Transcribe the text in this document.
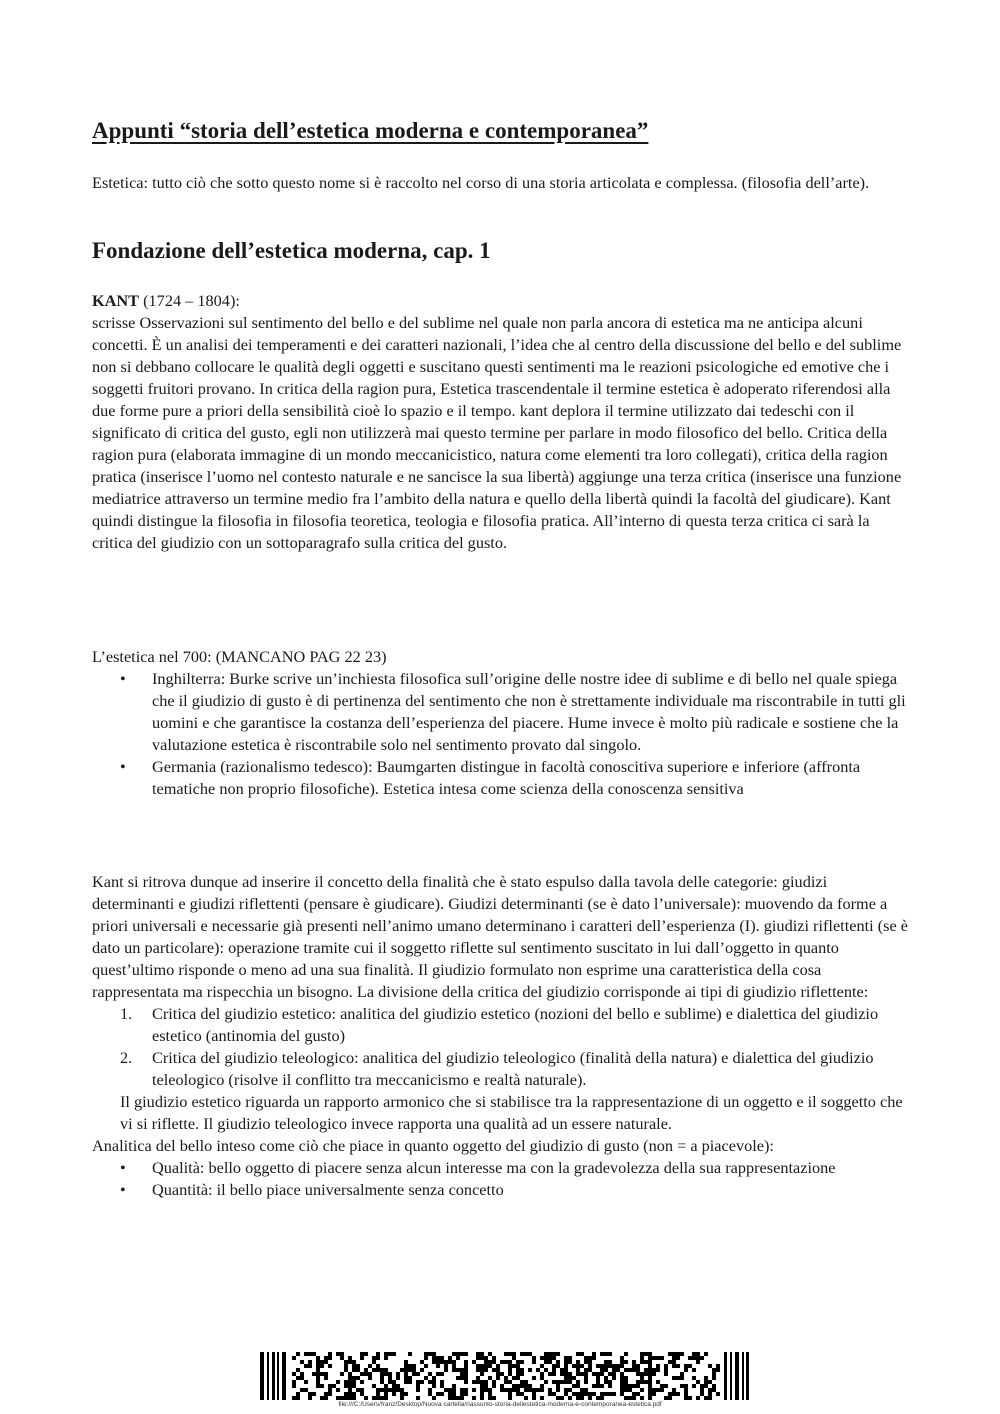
Appunti “storia dell’estetica moderna e contemporanea”

Estetica: tutto ciò che sotto questo nome si è raccolto nel corso di una storia articolata e complessa. (filosofia dell’arte).

Fondazione dell’estetica moderna, cap. 1

KANT (1724 – 1804):

scrisse Osservazioni sul sentimento del bello e del sublime nel quale non parla ancora di estetica ma ne anticipa alcuni concetti. È un analisi dei temperamenti e dei caratteri nazionali, l’idea che al centro della discussione del bello e del sublime non si debbano collocare le qualità degli oggetti e suscitano questi sentimenti ma le reazioni psicologiche ed emotive che i soggetti fruitori provano. In critica della ragion pura, Estetica trascendentale il termine estetica è adoperato riferendosi alla due forme pure a priori della sensibilità cioè lo spazio e il tempo. kant deplora il termine utilizzato dai tedeschi con il significato di critica del gusto, egli non utilizzerà mai questo termine per parlare in modo filosofico del bello. Critica della ragion pura (elaborata immagine di un mondo meccanicistico, natura come elementi tra loro collegati), critica della ragion pratica (inserisce l’uomo nel contesto naturale e ne sancisce la sua libertà) aggiunge una terza critica (inserisce una funzione mediatrice attraverso un termine medio fra l’ambito della natura e quello della libertà quindi la facoltà del giudicare). Kant quindi distingue la filosofia in filosofia teoretica, teologia e filosofia pratica. All’interno di questa terza critica ci sarà la critica del giudizio con un sottoparagrafo sulla critica del gusto.

L’estetica nel 700: (MANCANO PAG 22 23)
• Inghilterra: Burke scrive un’inchiesta filosofica sull’origine delle nostre idee di sublime e di bello nel quale spiega che il giudizio di gusto è di pertinenza del sentimento che non è strettamente individuale ma riscontrabile in tutti gli uomini e che garantisce la costanza dell’esperienza del piacere. Hume invece è molto più radicale e sostiene che la valutazione estetica è riscontrabile solo nel sentimento provato dal singolo.
• Germania (razionalismo tedesco): Baumgarten distingue in facoltà conoscitiva superiore e inferiore (affronta tematiche non proprio filosofiche). Estetica intesa come scienza della conoscenza sensitiva
Kant si ritrova dunque ad inserire il concetto della finalità che è stato espulso dalla tavola delle categorie: giudizi determinanti e giudizi riflettenti (pensare è giudicare). Giudizi determinanti (se è dato l’universale): muovendo da forme a priori universali e necessarie già presenti nell’animo umano determinano i caratteri dell’esperienza (I). giudizi riflettenti (se è dato un particolare): operazione tramite cui il soggetto riflette sul sentimento suscitato in lui dall’oggetto in quanto quest’ultimo risponde o meno ad una sua finalità. Il giudizio formulato non esprime una caratteristica della cosa rappresentata ma rispecchia un bisogno. La divisione della critica del giudizio corrisponde ai tipi di giudizio riflettente:
1. Critica del giudizio estetico: analitica del giudizio estetico (nozioni del bello e sublime) e dialettica del giudizio estetico (antinomia del gusto)
2. Critica del giudizio teleologico: analitica del giudizio teleologico (finalità della natura) e dialettica del giudizio teleologico (risolve il conflitto tra meccanicismo e realtà naturale).
Il giudizio estetico riguarda un rapporto armonico che si stabilisce tra la rappresentazione di un oggetto e il soggetto che vi si riflette. Il giudizio teleologico invece rapporta una qualità ad un essere naturale.
Analitica del bello inteso come ciò che piace in quanto oggetto del giudizio di gusto (non = a piacevole):
• Qualità: bello oggetto di piacere senza alcun interesse ma con la gradevolezza della sua rappresentazione
• Quantità: il bello piace universalmente senza concetto
file:///C:/Users/franz/Desktop/Nuova cartella/riassunto-storia-dellestetica-moderna-e-contemporanea-estetica.pdf
